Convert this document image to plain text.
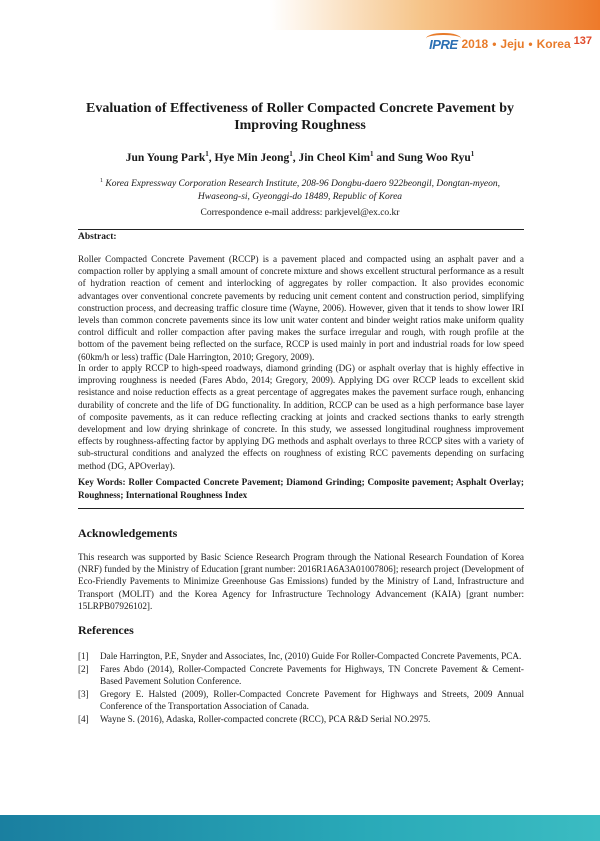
IPRE 2018 • Jeju • Korea 137
Evaluation of Effectiveness of Roller Compacted Concrete Pavement by Improving Roughness
Jun Young Park$^1$, Hye Min Jeong$^1$, Jin Cheol Kim$^1$ and Sung Woo Ryu$^1$
$^1$ Korea Expressway Corporation Research Institute, 208-96 Dongbu-daero 922beongil, Dongtan-myeon, Hwaseong-si, Gyeonggi-do 18489, Republic of Korea
Correspondence e-mail address: parkjevel@ex.co.kr
Abstract:

Roller Compacted Concrete Pavement (RCCP) is a pavement placed and compacted using an asphalt paver and a compaction roller by applying a small amount of concrete mixture and shows excellent structural performance as a result of hydration reaction of cement and interlocking of aggregates by roller compaction. It also provides economic advantages over conventional concrete pavements by reducing unit cement content and construction period, simplifying construction process, and decreasing traffic closure time (Wayne, 2006). However, given that it tends to show lower IRI levels than common concrete pavements since its low unit water content and binder weight ratios make uniform quality control difficult and roller compaction after paving makes the surface irregular and rough, with rough profile at the bottom of the pavement being reflected on the surface, RCCP is used mainly in port and industrial roads for low speed (60km/h or less) traffic (Dale Harrington, 2010; Gregory, 2009).

In order to apply RCCP to high-speed roadways, diamond grinding (DG) or asphalt overlay that is highly effective in improving roughness is needed (Fares Abdo, 2014; Gregory, 2009). Applying DG over RCCP leads to excellent skid resistance and noise reduction effects as a great percentage of aggregates makes the pavement surface rough, enhancing durability of concrete and the life of DG functionality. In addition, RCCP can be used as a high performance base layer of composite pavements, as it can reduce reflecting cracking at joints and cracked sections thanks to early strength development and low drying shrinkage of concrete. In this study, we assessed longitudinal roughness improvement effects by roughness-affecting factor by applying DG methods and asphalt overlays to three RCCP sites with a variety of sub-structural conditions and analyzed the effects on roughness of existing RCC pavements depending on surfacing method (DG, APOverlay).

Key Words: Roller Compacted Concrete Pavement; Diamond Grinding; Composite pavement; Asphalt Overlay; Roughness; International Roughness Index

Acknowledgements

This research was supported by Basic Science Research Program through the National Research Foundation of Korea (NRF) funded by the Ministry of Education [grant number: 2016R1A6A3A01007806]; research project (Development of Eco-Friendly Pavements to Minimize Greenhouse Gas Emissions) funded by the Ministry of Land, Infrastructure and Transport (MOLIT) and the Korea Agency for Infrastructure Technology Advancement (KAIA) [grant number: 15LRPB07926102].

References
[1] Dale Harrington, P.E, Snyder and Associates, Inc, (2010) Guide For Roller-Compacted Concrete Pavements, PCA.
[2] Fares Abdo (2014), Roller-Compacted Concrete Pavements for Highways, TN Concrete Pavement & Cement-Based Pavement Solution Conference.
[3] Gregory E. Halsted (2009), Roller-Compacted Concrete Pavement for Highways and Streets, 2009 Annual Conference of the Transportation Association of Canada.
[4] Wayne S. (2016), Adaska, Roller-compacted concrete (RCC), PCA R&D Serial NO.2975.
